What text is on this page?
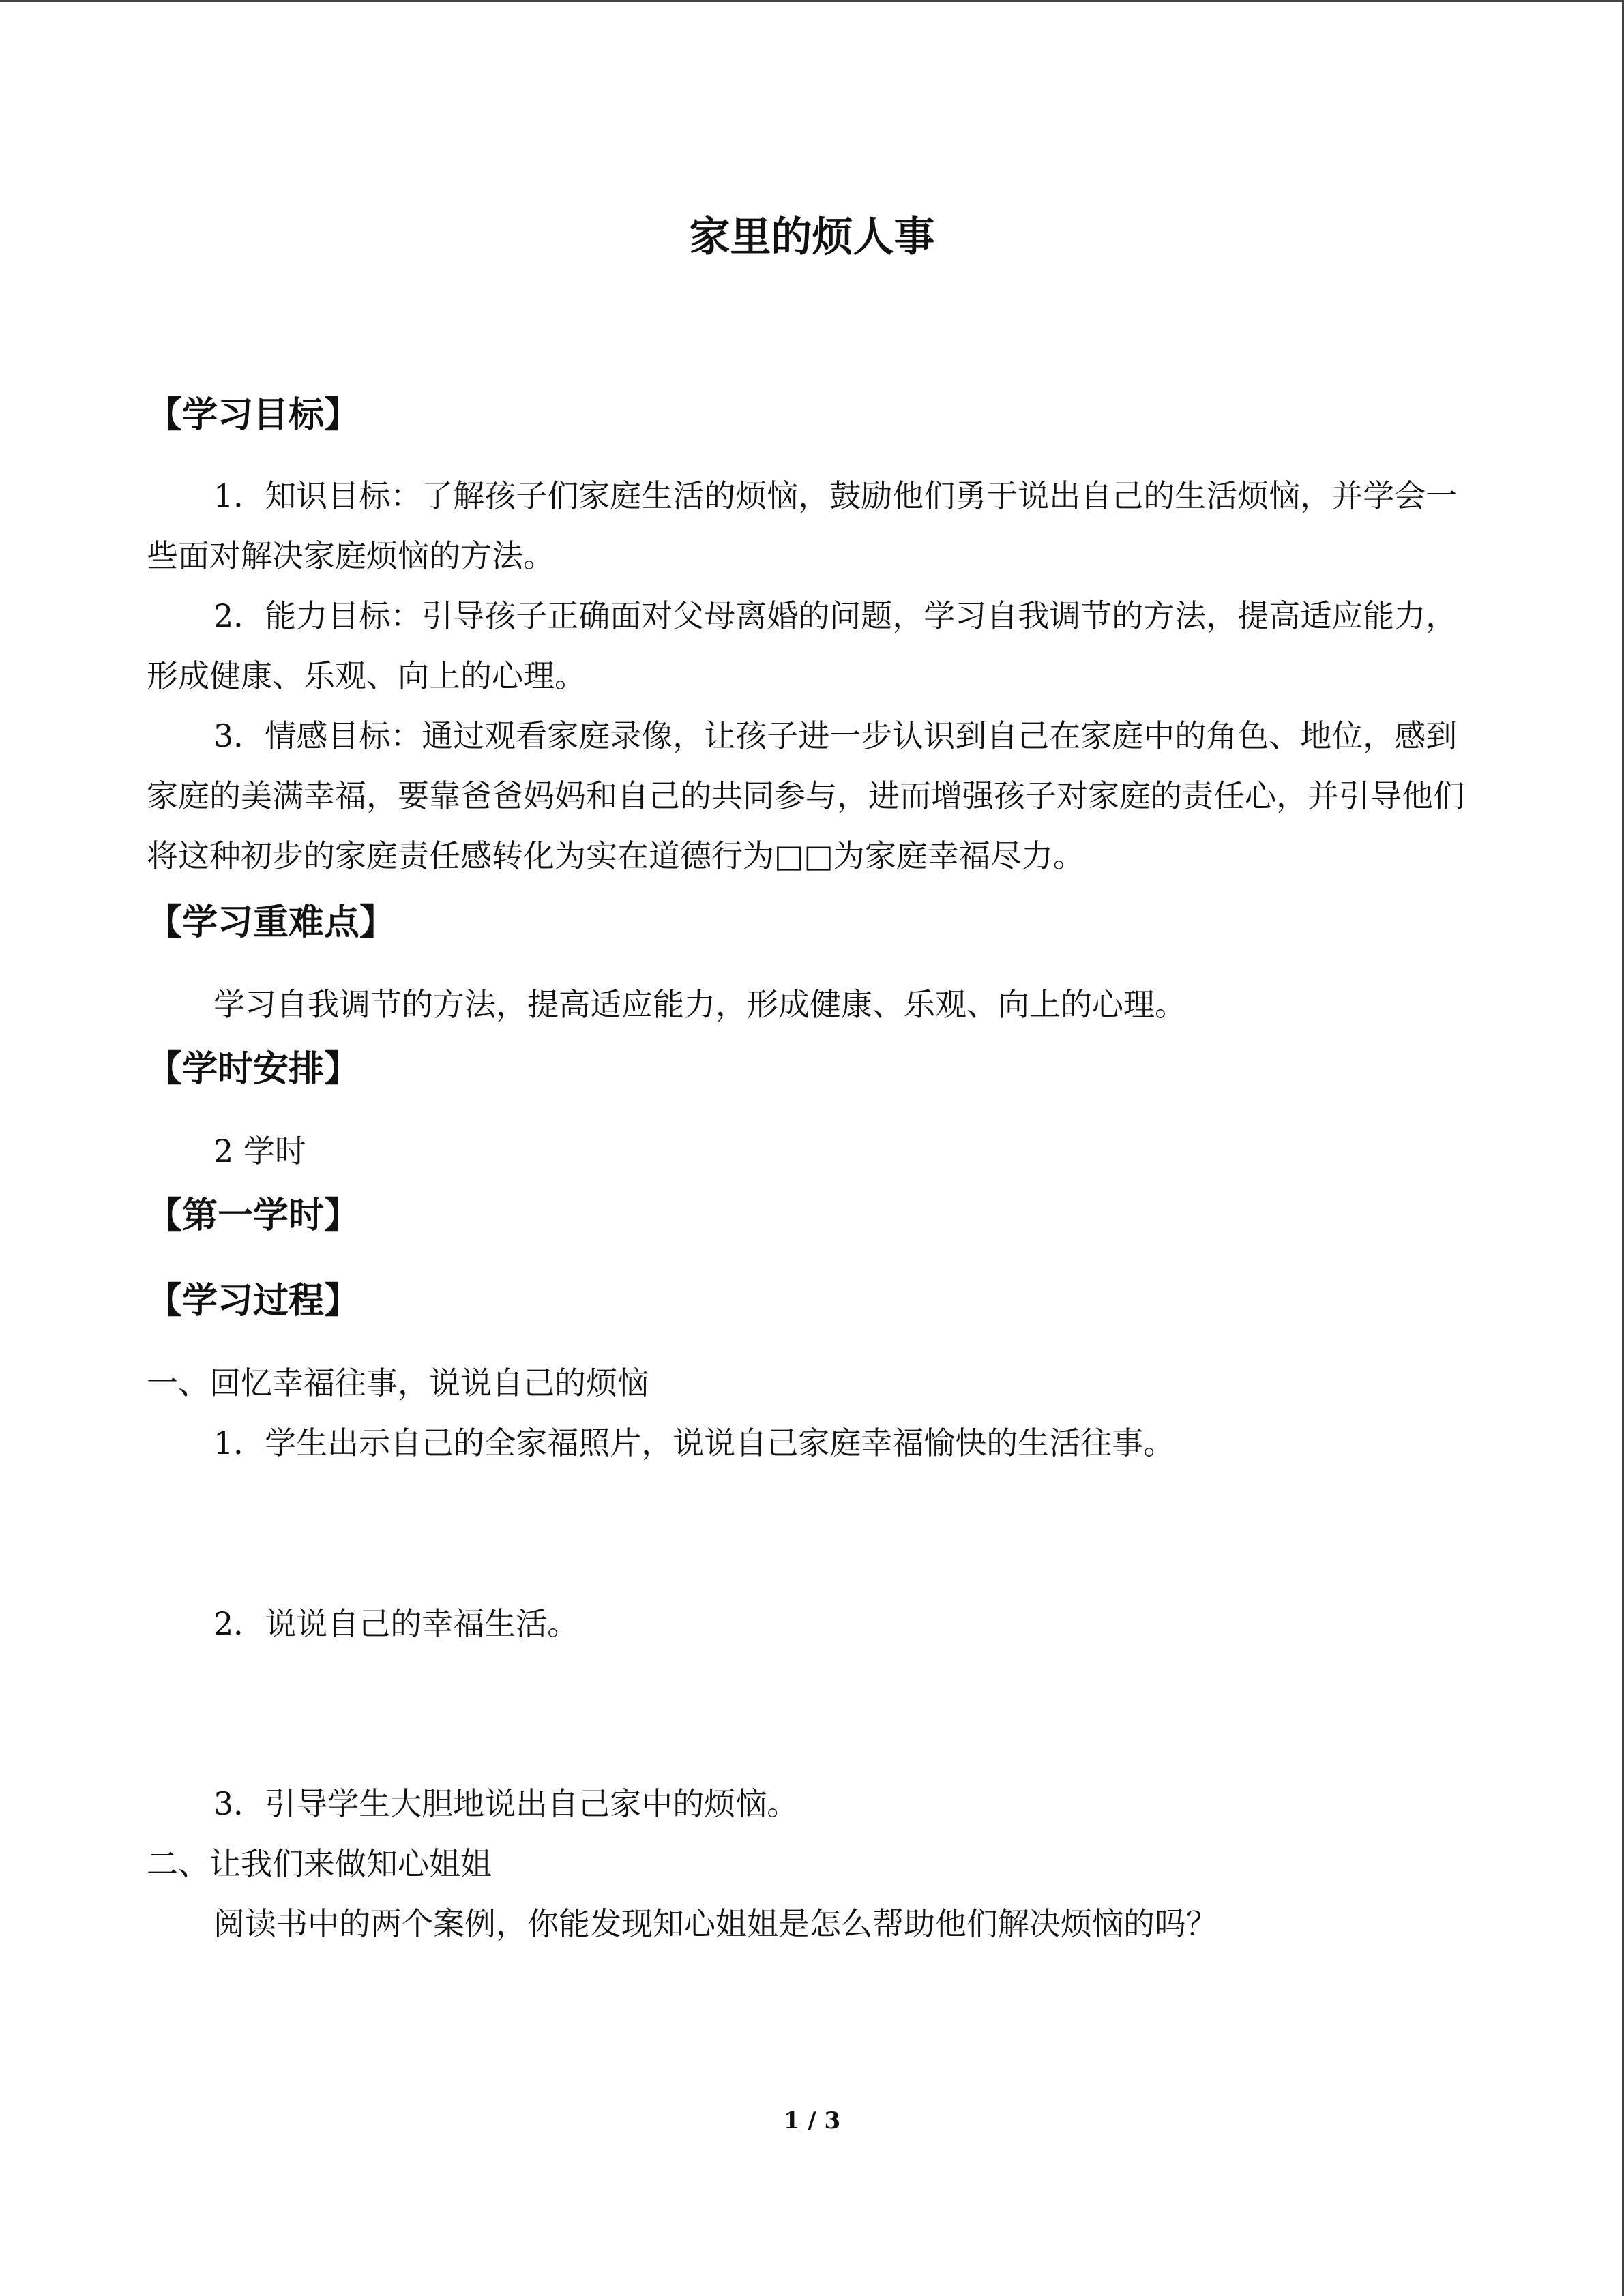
家里的烦人事
【学习目标】

1．知识目标：了解孩子们家庭生活的烦恼，鼓励他们勇于说出自己的生活烦恼，并学会一些面对解决家庭烦恼的方法。

2．能力目标：引导孩子正确面对父母离婚的问题，学习自我调节的方法，提高适应能力，形成健康、乐观、向上的心理。

3．情感目标：通过观看家庭录像，让孩子进一步认识到自己在家庭中的角色、地位，感到家庭的美满幸福，要靠爸爸妈妈和自己的共同参与，进而增强孩子对家庭的责任心，并引导他们将这种初步的家庭责任感转化为实在道德行为□□为家庭幸福尽力。

【学习重难点】
学习自我调节的方法，提高适应能力，形成健康、乐观、向上的心理。
【学时安排】
2 学时
【第一学时】
【学习过程】
一、回忆幸福往事，说说自己的烦恼
1．学生出示自己的全家福照片，说说自己家庭幸福愉快的生活往事。
2．说说自己的幸福生活。
3．引导学生大胆地说出自己家中的烦恼。
二、让我们来做知心姐姐
阅读书中的两个案例，你能发现知心姐姐是怎么帮助他们解决烦恼的吗？
1 / 3
